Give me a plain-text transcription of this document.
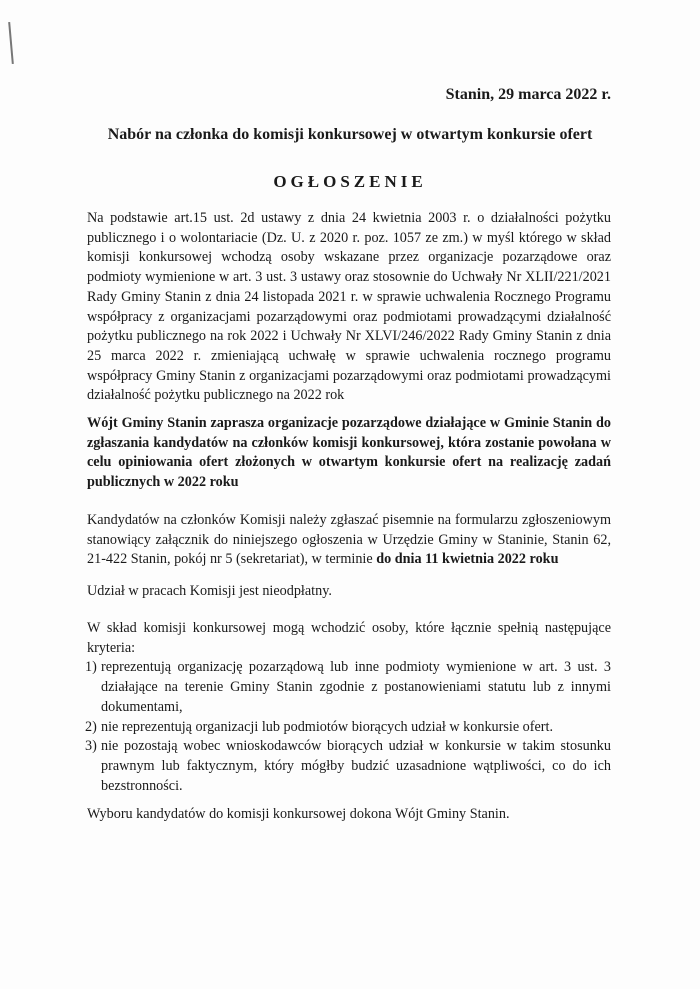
Stanin, 29 marca 2022 r.
Nabór na członka do komisji konkursowej w otwartym konkursie ofert
OGŁOSZENIE
Na podstawie art.15 ust. 2d ustawy z dnia 24 kwietnia 2003 r. o działalności pożytku publicznego i o wolontariacie (Dz. U. z 2020 r. poz. 1057 ze zm.) w myśl którego w skład komisji konkursowej wchodzą osoby wskazane przez organizacje pozarządowe oraz podmioty wymienione w art. 3 ust. 3 ustawy oraz stosownie do Uchwały Nr XLII/221/2021 Rady Gminy Stanin z dnia 24 listopada 2021 r. w sprawie uchwalenia Rocznego Programu współpracy z organizacjami pozarządowymi oraz podmiotami prowadzącymi działalność pożytku publicznego na rok 2022 i Uchwały Nr XLVI/246/2022 Rady Gminy Stanin z dnia 25 marca 2022 r. zmieniającą uchwałę w sprawie uchwalenia rocznego programu współpracy Gminy Stanin z organizacjami pozarządowymi oraz podmiotami prowadzącymi działalność pożytku publicznego na 2022 rok
Wójt Gminy Stanin zaprasza organizacje pozarządowe działające w Gminie Stanin do zgłaszania kandydatów na członków komisji konkursowej, która zostanie powołana w celu opiniowania ofert złożonych w otwartym konkursie ofert na realizację zadań publicznych w 2022 roku
Kandydatów na członków Komisji należy zgłaszać pisemnie na formularzu zgłoszeniowym stanowiący załącznik do niniejszego ogłoszenia w Urzędzie Gminy w Staninie, Stanin 62, 21-422 Stanin, pokój nr 5 (sekretariat), w terminie do dnia 11 kwietnia 2022 roku
Udział w pracach Komisji jest nieodpłatny.
W skład komisji konkursowej mogą wchodzić osoby, które łącznie spełnią następujące kryteria:
1) reprezentują organizację pozarządową lub inne podmioty wymienione w art. 3 ust. 3 działające na terenie Gminy Stanin zgodnie z postanowieniami statutu lub z innymi dokumentami,
2) nie reprezentują organizacji lub podmiotów biorących udział w konkursie ofert.
3) nie pozostają wobec wnioskodawców biorących udział w konkursie w takim stosunku prawnym lub faktycznym, który mógłby budzić uzasadnione wątpliwości, co do ich bezstronności.
Wyboru kandydatów do komisji konkursowej dokona Wójt Gminy Stanin.
